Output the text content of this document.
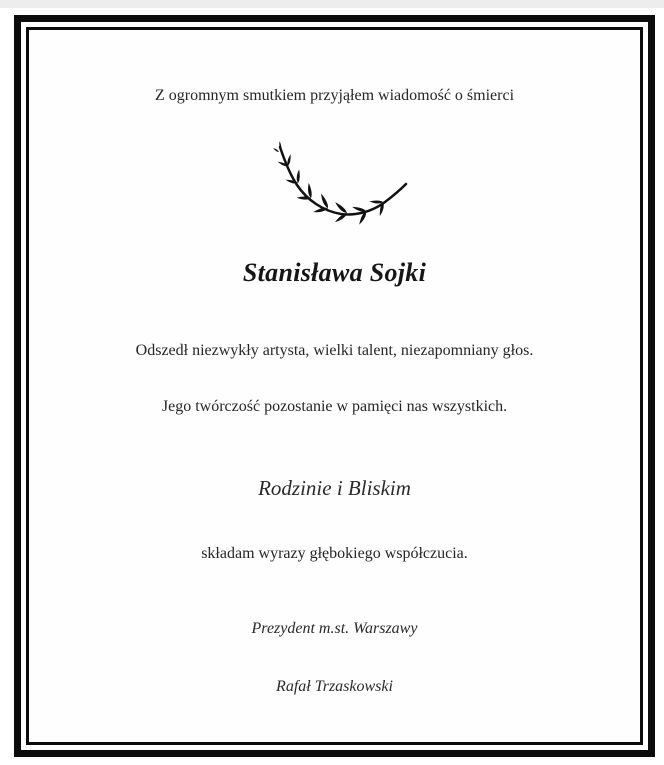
Z ogromnym smutkiem przyjąłem wiadomość o śmierci
Stanisława Sojki
Odszedł niezwykły artysta, wielki talent, niezapomniany głos.
Jego twórczość pozostanie w pamięci nas wszystkich.
Rodzinie i Bliskim
składam wyrazy głębokiego współczucia.
Prezydent m.st. Warszawy
Rafał Trzaskowski
